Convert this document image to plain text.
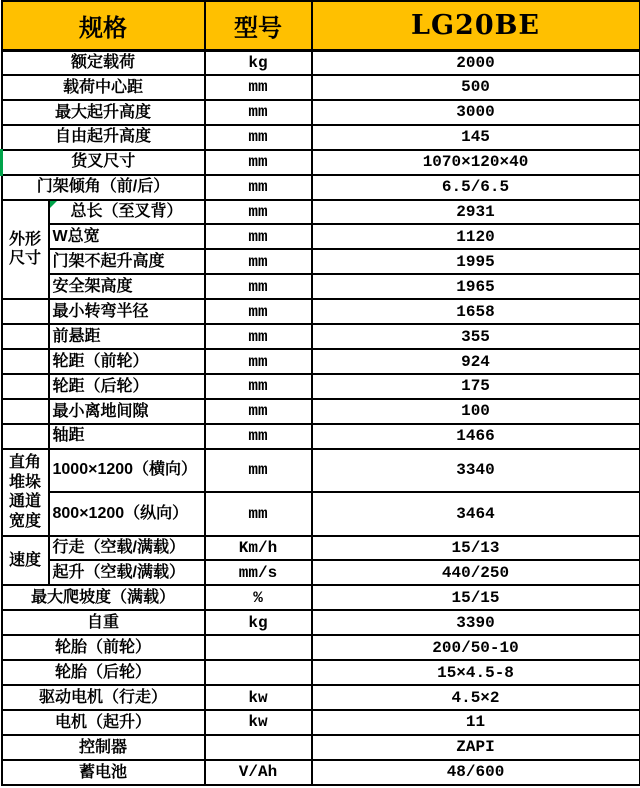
规格		型号	LG20BE
额定载荷		kg	2000
载荷中心距		mm	500
最大起升高度		mm	3000
自由起升高度		mm	145
货叉尺寸		mm	1070×120×40
门架倾角（前/后）		mm	6.5/6.5
外形尺寸	总长（至叉背）	mm	2931
	W总宽	mm	1120
	门架不起升高度	mm	1995
	安全架高度	mm	1965
	最小转弯半径	mm	1658
	前悬距	mm	355
	轮距（前轮）	mm	924
	轮距（后轮）	mm	175
	最小离地间隙	mm	100
	轴距	mm	1466
直角堆垛通道宽度	1000×1200（横向）	mm	3340
	800×1200（纵向）	mm	3464
速度	行走（空载/满载）	Km/h	15/13
	起升（空载/满载）	mm/s	440/250
最大爬坡度（满载）		%	15/15
自重		kg	3390
轮胎（前轮）			200/50-10
轮胎（后轮）			15×4.5-8
驱动电机（行走）		kw	4.5×2
电机（起升）		kw	11
控制器			ZAPI
蓄电池		V/Ah	48/600
